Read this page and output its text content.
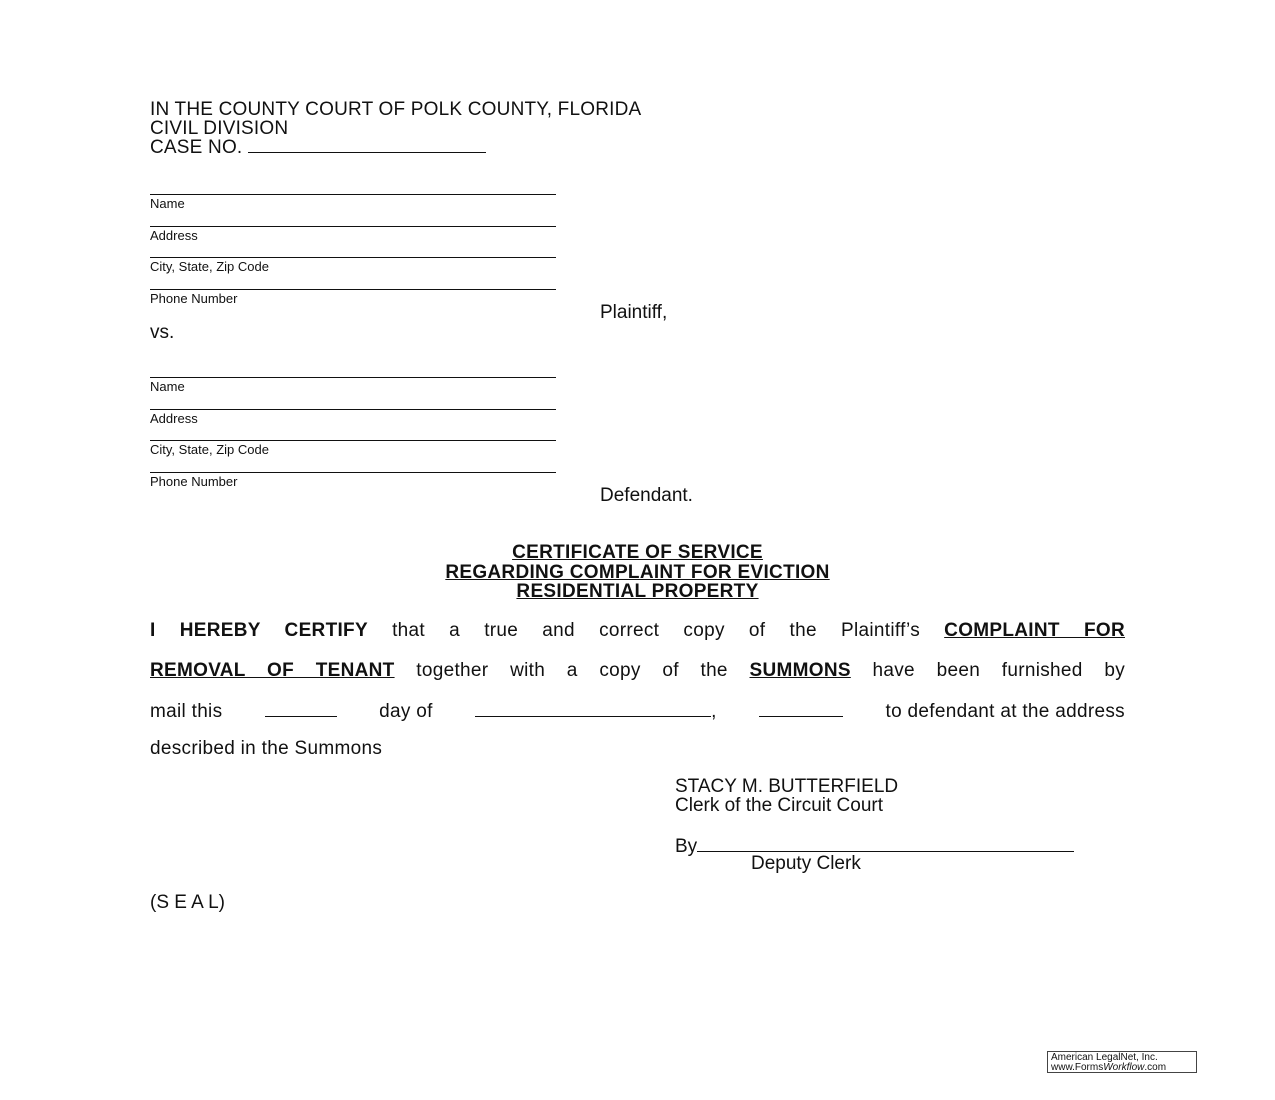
IN THE COUNTY COURT OF POLK COUNTY, FLORIDA
CIVIL DIVISION
CASE NO.
Name
Address
City, State, Zip Code
Phone Number
Plaintiff,
vs.
Name
Address
City, State, Zip Code
Phone Number
Defendant.
CERTIFICATE OF SERVICE
REGARDING COMPLAINT FOR EVICTION
RESIDENTIAL PROPERTY
I HEREBY CERTIFY that a true and correct copy of the Plaintiff’s COMPLAINT FOR
REMOVAL OF TENANT together with a copy of the SUMMONS have been furnished by
mail this	day of	,	to defendant at the address
described in the Summons
STACY M. BUTTERFIELD
Clerk of the Circuit Court
By
Deputy Clerk
(S E A L)
American LegalNet, Inc.
www.FormsWorkflow.com
